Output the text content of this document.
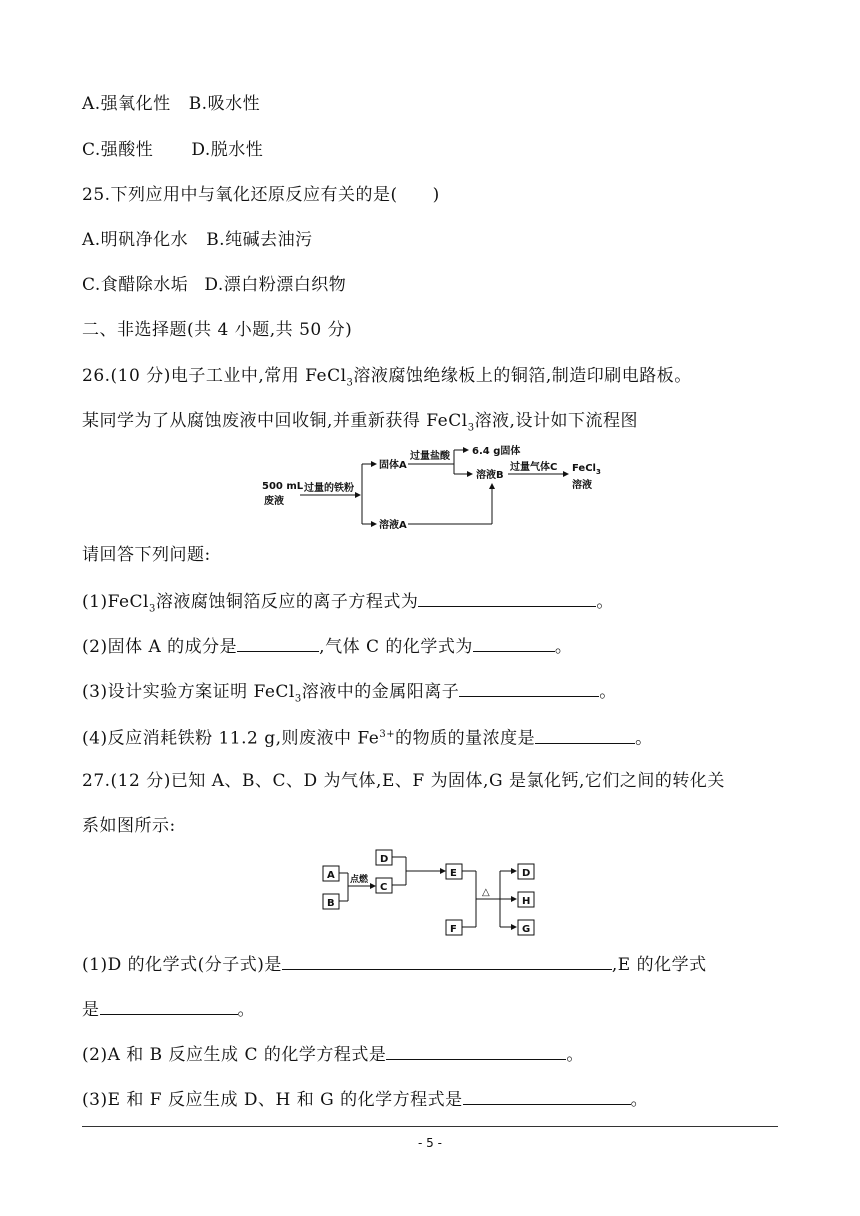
A.强氧化性 B.吸水性
C.强酸性 D.脱水性
25.下列应用中与氧化还原反应有关的是(　　)
A.明矾净化水 B.纯碱去油污
C.食醋除水垢 D.漂白粉漂白织物
二、非选择题(共 4 小题,共 50 分)
26.(10 分)电子工业中,常用 FeCl$_3$溶液腐蚀绝缘板上的铜箔,制造印刷电路板。
某同学为了从腐蚀废液中回收铜,并重新获得 FeCl$_3$溶液,设计如下流程图
500 mL
废液
过量的铁粉
固体A
溶液A
过量盐酸 6.4 g固体
溶液B
过量气体C FeCl$_3$
溶液
请回答下列问题:
(1)FeCl$_3$溶液腐蚀铜箔反应的离子方程式为	。
(2)固体 A 的成分是	,气体 C 的化学式为	。
(3)设计实验方案证明 FeCl$_3$溶液中的金属阳离子	。
(4)反应消耗铁粉 11.2 g,则废液中 $Fe^{3+}$的物质的量浓度是	。
27.(12 分)已知 A、B、C、D 为气体,E、F 为固体,G 是氯化钙,它们之间的转化关
系如图所示:
A
B
点燃
D
C
E
F
△
D
H
G
(1)D 的化学式(分子式)是	,E 的化学式
是	。
(2)A 和 B 反应生成 C 的化学方程式是	。
(3)E 和 F 反应生成 D、H 和 G 的化学方程式是	。
- 5 -
